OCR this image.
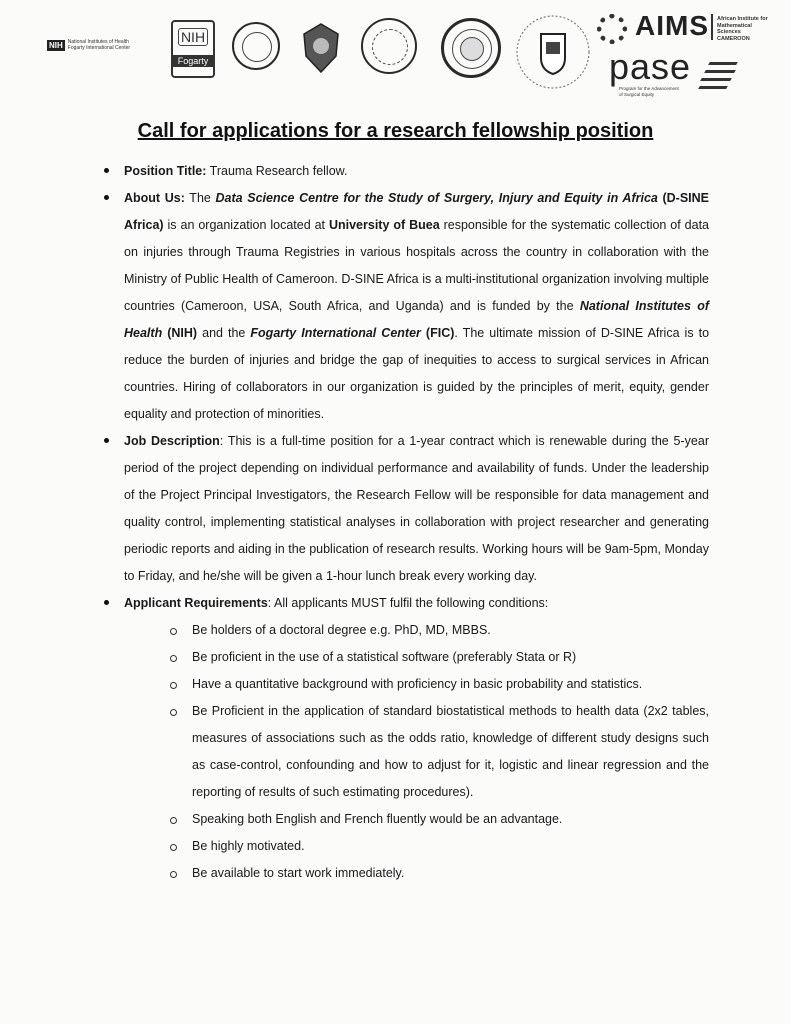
NIH	National Institutes of Health
Fogarty International Center
NIH
Fogarty
AIMS African Institute for Mathematical Sciences
CAMEROON
pase
Program for the Advancement of Surgical Equity
Call for applications for a research fellowship position

Position Title: Trauma Research fellow.

About Us: The Data Science Centre for the Study of Surgery, Injury and Equity in Africa (D-SINE Africa) is an organization located at University of Buea responsible for the systematic collection of data on injuries through Trauma Registries in various hospitals across the country in collaboration with the Ministry of Public Health of Cameroon. D-SINE Africa is a multi-institutional organization involving multiple countries (Cameroon, USA, South Africa, and Uganda) and is funded by the National Institutes of Health (NIH) and the Fogarty International Center (FIC). The ultimate mission of D-SINE Africa is to reduce the burden of injuries and bridge the gap of inequities to access to surgical services in African countries. Hiring of collaborators in our organization is guided by the principles of merit, equity, gender equality and protection of minorities.

Job Description: This is a full-time position for a 1-year contract which is renewable during the 5-year period of the project depending on individual performance and availability of funds. Under the leadership of the Project Principal Investigators, the Research Fellow will be responsible for data management and quality control, implementing statistical analyses in collaboration with project researcher and generating periodic reports and aiding in the publication of research results. Working hours will be 9am-5pm, Monday to Friday, and he/she will be given a 1-hour lunch break every working day.

Applicant Requirements: All applicants MUST fulfil the following conditions:

Be holders of a doctoral degree e.g. PhD, MD, MBBS.
Be proficient in the use of a statistical software (preferably Stata or R)
Have a quantitative background with proficiency in basic probability and statistics.
Be Proficient in the application of standard biostatistical methods to health data (2x2 tables, measures of associations such as the odds ratio, knowledge of different study designs such as case-control, confounding and how to adjust for it, logistic and linear regression and the reporting of results of such estimating procedures).
Speaking both English and French fluently would be an advantage.
Be highly motivated.
Be available to start work immediately.
